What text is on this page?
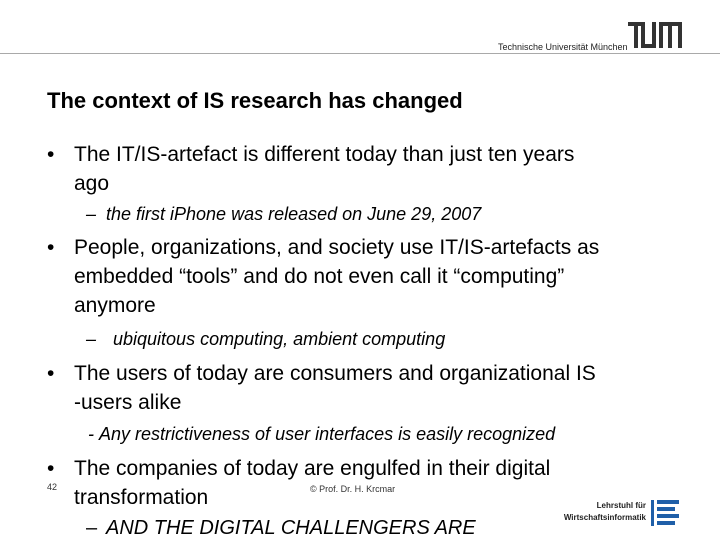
Technische Universität München
The context of IS research has changed
• The IT/IS-artefact is different today than just ten years
ago
– the first iPhone was released on June 29, 2007
• People, organizations, and society use IT/IS-artefacts as
embedded “tools” and do not even call it “computing”
anymore
– ubiquitous computing, ambient computing
• The users of today are consumers and organizational IS
-users alike
- Any restrictiveness of user interfaces is easily recognized
• The companies of today are engulfed in their digital
transformation
– AND THE DIGITAL CHALLENGERS ARE
42	© Prof. Dr. H. Krcmar
Lehrstuhl für
Wirtschaftsinformatik
